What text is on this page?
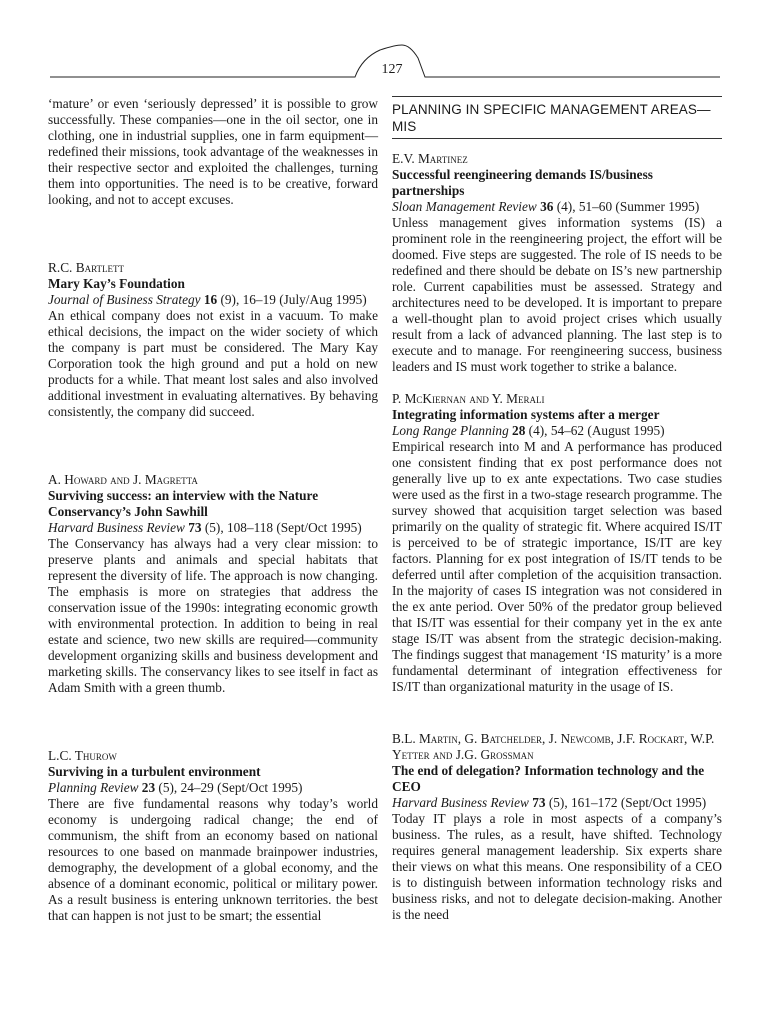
127

‘mature’ or even ‘seriously depressed’ it is possible to grow successfully. These companies—one in the oil sector, one in clothing, one in industrial supplies, one in farm equipment—redefined their missions, took advantage of the weaknesses in their respective sector and exploited the challenges, turning them into opportunities. The need is to be creative, forward looking, and not to accept excuses.

R.C. Bartlett

Mary Kay’s Foundation

Journal of Business Strategy 16 (9), 16–19 (July/Aug 1995)

An ethical company does not exist in a vacuum. To make ethical decisions, the impact on the wider society of which the company is part must be considered. The Mary Kay Corporation took the high ground and put a hold on new products for a while. That meant lost sales and also involved additional investment in evaluating alternatives. By behaving consistently, the company did succeed.

A. Howard and J. Magretta

Surviving success: an interview with the Nature Conservancy’s John Sawhill

Harvard Business Review 73 (5), 108–118 (Sept/Oct 1995)

The Conservancy has always had a very clear mission: to preserve plants and animals and special habitats that represent the diversity of life. The approach is now changing. The emphasis is more on strategies that address the conservation issue of the 1990s: integrating economic growth with environmental protection. In addition to being in real estate and science, two new skills are required—community development organizing skills and business development and marketing skills. The conservancy likes to see itself in fact as Adam Smith with a green thumb.

L.C. Thurow

Surviving in a turbulent environment

Planning Review 23 (5), 24–29 (Sept/Oct 1995)

There are five fundamental reasons why today’s world economy is undergoing radical change; the end of communism, the shift from an economy based on national resources to one based on manmade brainpower industries, demography, the development of a global economy, and the absence of a dominant economic, political or military power. As a result business is entering unknown territories. the best that can happen is not just to be smart; the essential

PLANNING IN SPECIFIC MANAGEMENT AREAS—MIS

E.V. Martinez

Successful reengineering demands IS/business partnerships

Sloan Management Review 36 (4), 51–60 (Summer 1995)

Unless management gives information systems (IS) a prominent role in the reengineering project, the effort will be doomed. Five steps are suggested. The role of IS needs to be redefined and there should be debate on IS’s new partnership role. Current capabilities must be assessed. Strategy and architectures need to be developed. It is important to prepare a well-thought plan to avoid project crises which usually result from a lack of advanced planning. The last step is to execute and to manage. For reengineering success, business leaders and IS must work together to strike a balance.

P. McKiernan and Y. Merali

Integrating information systems after a merger

Long Range Planning 28 (4), 54–62 (August 1995)

Empirical research into M and A performance has produced one consistent finding that ex post performance does not generally live up to ex ante expectations. Two case studies were used as the first in a two-stage research programme. The survey showed that acquisition target selection was based primarily on the quality of strategic fit. Where acquired IS/IT is perceived to be of strategic importance, IS/IT are key factors. Planning for ex post integration of IS/IT tends to be deferred until after completion of the acquisition transaction. In the majority of cases IS integration was not considered in the ex ante period. Over 50% of the predator group believed that IS/IT was essential for their company yet in the ex ante stage IS/IT was absent from the strategic decision-making. The findings suggest that management ‘IS maturity’ is a more fundamental determinant of integration effectiveness for IS/IT than organizational maturity in the usage of IS.

B.L. Martin, G. Batchelder, J. Newcomb, J.F. Rockart, W.P. Yetter and J.G. Grossman

The end of delegation? Information technology and the CEO

Harvard Business Review 73 (5), 161–172 (Sept/Oct 1995)

Today IT plays a role in most aspects of a company’s business. The rules, as a result, have shifted. Technology requires general management leadership. Six experts share their views on what this means. One responsibility of a CEO is to distinguish between information technology risks and business risks, and not to delegate decision-making. Another is the need
